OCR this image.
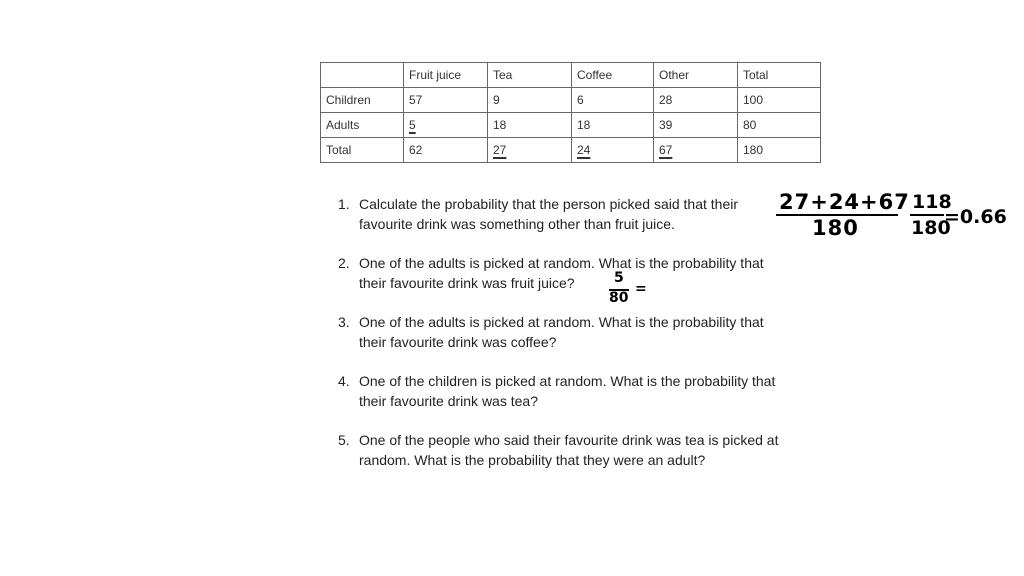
	Fruit juice	Tea	Coffee	Other	Total
Children	57	9	6	28	100
Adults	5	18	18	39	80
Total	62	27	24	67	180
1. Calculate the probability that the person picked said that their
favourite drink was something other than fruit juice.
2. One of the adults is picked at random. What is the probability that
their favourite drink was fruit juice?
3. One of the adults is picked at random. What is the probability that
their favourite drink was coffee?
4. One of the children is picked at random. What is the probability that
their favourite drink was tea?
5. One of the people who said their favourite drink was tea is picked at
random. What is the probability that they were an adult?
27+24+67
180
118
180
=0.66
5
80
=
